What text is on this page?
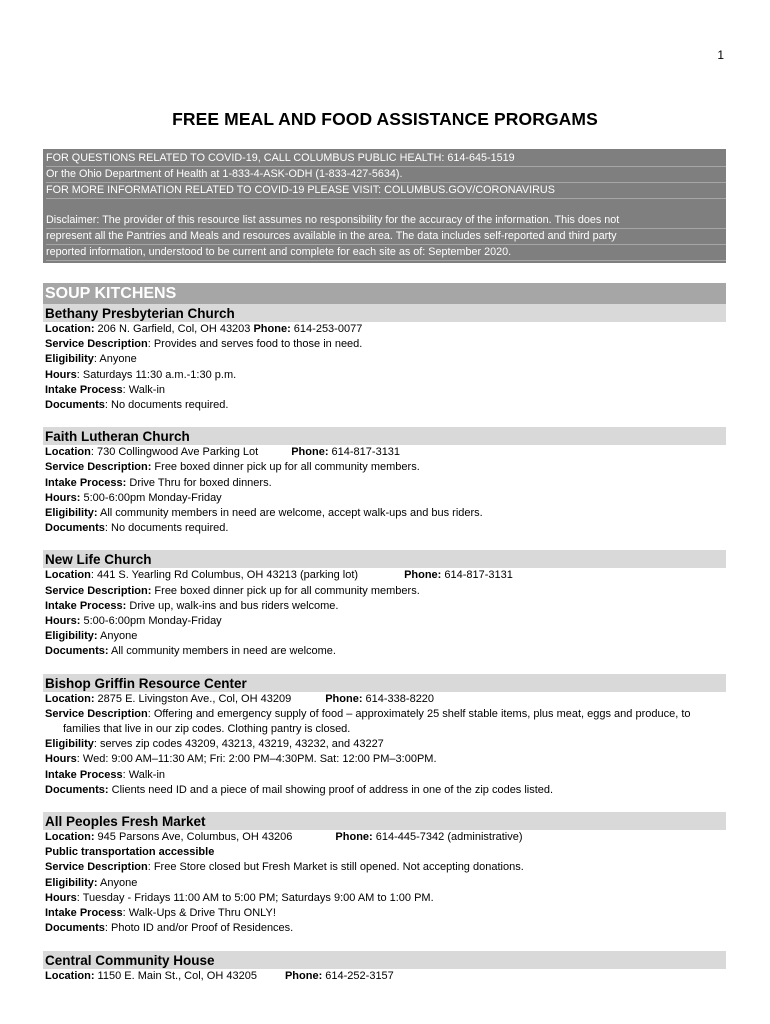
1
FREE MEAL AND FOOD ASSISTANCE PRORGAMS
FOR QUESTIONS RELATED TO COVID-19, CALL COLUMBUS PUBLIC HEALTH: 614-645-1519
Or the Ohio Department of Health at 1-833-4-ASK-ODH (1-833-427-5634).
FOR MORE INFORMATION RELATED TO COVID-19 PLEASE VISIT: COLUMBUS.GOV/CORONAVIRUS
Disclaimer: The provider of this resource list assumes no responsibility for the accuracy of the information. This does not
represent all the Pantries and Meals and resources available in the area. The data includes self-reported and third party
reported information, understood to be current and complete for each site as of: September 2020.
SOUP KITCHENS
Bethany Presbyterian Church
Location: 206 N. Garfield, Col, OH 43203 Phone: 614-253-0077
Service Description: Provides and serves food to those in need.
Eligibility: Anyone
Hours: Saturdays 11:30 a.m.-1:30 p.m.
Intake Process: Walk-in
Documents: No documents required.
Faith Lutheran Church
Location: 730 Collingwood Ave Parking Lot	Phone: 614-817-3131
Service Description: Free boxed dinner pick up for all community members.
Intake Process: Drive Thru for boxed dinners.
Hours: 5:00-6:00pm Monday-Friday
Eligibility: All community members in need are welcome, accept walk-ups and bus riders.
Documents: No documents required.
New Life Church
Location: 441 S. Yearling Rd Columbus, OH 43213 (parking lot)	Phone: 614-817-3131
Service Description: Free boxed dinner pick up for all community members.
Intake Process: Drive up, walk-ins and bus riders welcome.
Hours: 5:00-6:00pm Monday-Friday
Eligibility: Anyone
Documents: All community members in need are welcome.
Bishop Griffin Resource Center
Location: 2875 E. Livingston Ave., Col, OH 43209	Phone: 614-338-8220
Service Description: Offering and emergency supply of food – approximately 25 shelf stable items, plus meat, eggs and produce, to families that live in our zip codes. Clothing pantry is closed.
Eligibility: serves zip codes 43209, 43213, 43219, 43232, and 43227
Hours: Wed: 9:00 AM–11:30 AM; Fri: 2:00 PM–4:30PM. Sat: 12:00 PM–3:00PM.
Intake Process: Walk-in
Documents: Clients need ID and a piece of mail showing proof of address in one of the zip codes listed.
All Peoples Fresh Market
Location: 945 Parsons Ave, Columbus, OH 43206	Phone: 614-445-7342 (administrative)
Public transportation accessible
Service Description: Free Store closed but Fresh Market is still opened. Not accepting donations.
Eligibility: Anyone
Hours: Tuesday - Fridays 11:00 AM to 5:00 PM; Saturdays 9:00 AM to 1:00 PM.
Intake Process: Walk-Ups & Drive Thru ONLY!
Documents: Photo ID and/or Proof of Residences.
Central Community House
Location: 1150 E. Main St., Col, OH 43205	Phone: 614-252-3157
